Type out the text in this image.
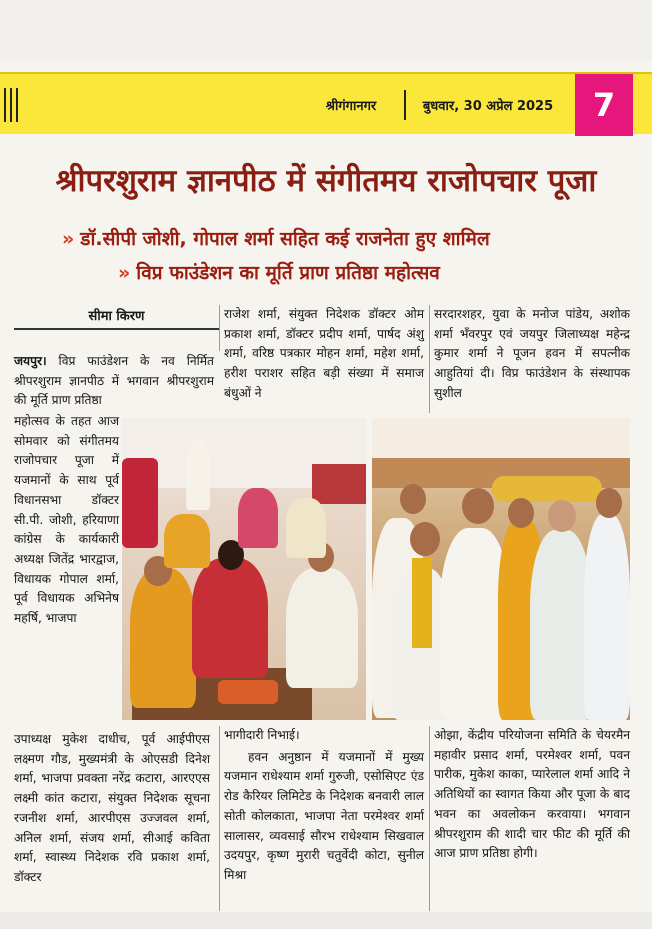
श्रीगंगानगर	बुधवार, 30 अप्रेल 2025	7
श्रीपरशुराम ज्ञानपीठ में संगीतमय राजोपचार पूजा
» डॉ.सीपी जोशी, गोपाल शर्मा सहित कई राजनेता हुए शामिल
» विप्र फाउंडेशन का मूर्ति प्राण प्रतिष्ठा महोत्सव
सीमा किरण

जयपुर। विप्र फाउंडेशन के नव निर्मित श्रीपरशुराम ज्ञानपीठ में भगवान श्रीपरशुराम की मूर्ति प्राण प्रतिष्ठा

महोत्सव के तहत आज सोमवार को संगीतमय राजोपचार पूजा में यजमानों के साथ पूर्व विधानसभा डॉक्टर सी.पी. जोशी, हरियाणा कांग्रेस के कार्यकारी अध्यक्ष जितेंद्र भारद्वाज, विधायक गोपाल शर्मा, पूर्व विधायक अभिनेष महर्षि, भाजपा
उपाध्यक्ष मुकेश दाधीच, पूर्व आईपीएस लक्ष्मण गौड, मुख्यमंत्री के ओएसडी दिनेश शर्मा, भाजपा प्रवक्ता नरेंद्र कटारा, आरएएस लक्ष्मी कांत कटारा, संयुक्त निदेशक सूचना रजनीश शर्मा, आरपीएस उज्जवल शर्मा, अनिल शर्मा, संजय शर्मा, सीआई कविता शर्मा, स्वास्थ्य निदेशक रवि प्रकाश शर्मा, डॉक्टर
राजेश शर्मा, संयुक्त निदेशक डॉक्टर ओम प्रकाश शर्मा, डॉक्टर प्रदीप शर्मा, पार्षद अंशु शर्मा, वरिष्ठ पत्रकार मोहन शर्मा, महेश शर्मा, हरीश पराशर सहित बड़ी संख्या में समाज बंधुओं ने
सरदारशहर, युवा के मनोज पांडेय, अशोक शर्मा भँवरपुर एवं जयपुर जिलाध्यक्ष महेन्द्र कुमार शर्मा ने पूजन हवन में सपत्नीक आहुतियां दी। विप्र फाउंडेशन के संस्थापक सुशील

भागीदारी निभाई।

हवन अनुष्ठान में यजमानों में मुख्य यजमान राधेश्याम शर्मा गुरुजी, एसोसिएट एंड रोड कैरियर लिमिटेड के निदेशक बनवारी लाल सोती कोलकाता, भाजपा नेता परमेश्वर शर्मा सालासर, व्यवसाई सौरभ राधेश्याम सिखवाल उदयपुर, कृष्ण मुरारी चतुर्वेदी कोटा, सुनील मिश्रा

ओझा, केंद्रीय परियोजना समिति के चेयरमैन महावीर प्रसाद शर्मा, परमेश्वर शर्मा, पवन पारीक, मुकेश काका, प्यारेलाल शर्मा आदि ने अतिथियों का स्वागत किया और पूजा के बाद भवन का अवलोकन करवाया। भगवान श्रीपरशुराम की शादी चार फीट की मूर्ति की आज प्राण प्रतिष्ठा होगी।
